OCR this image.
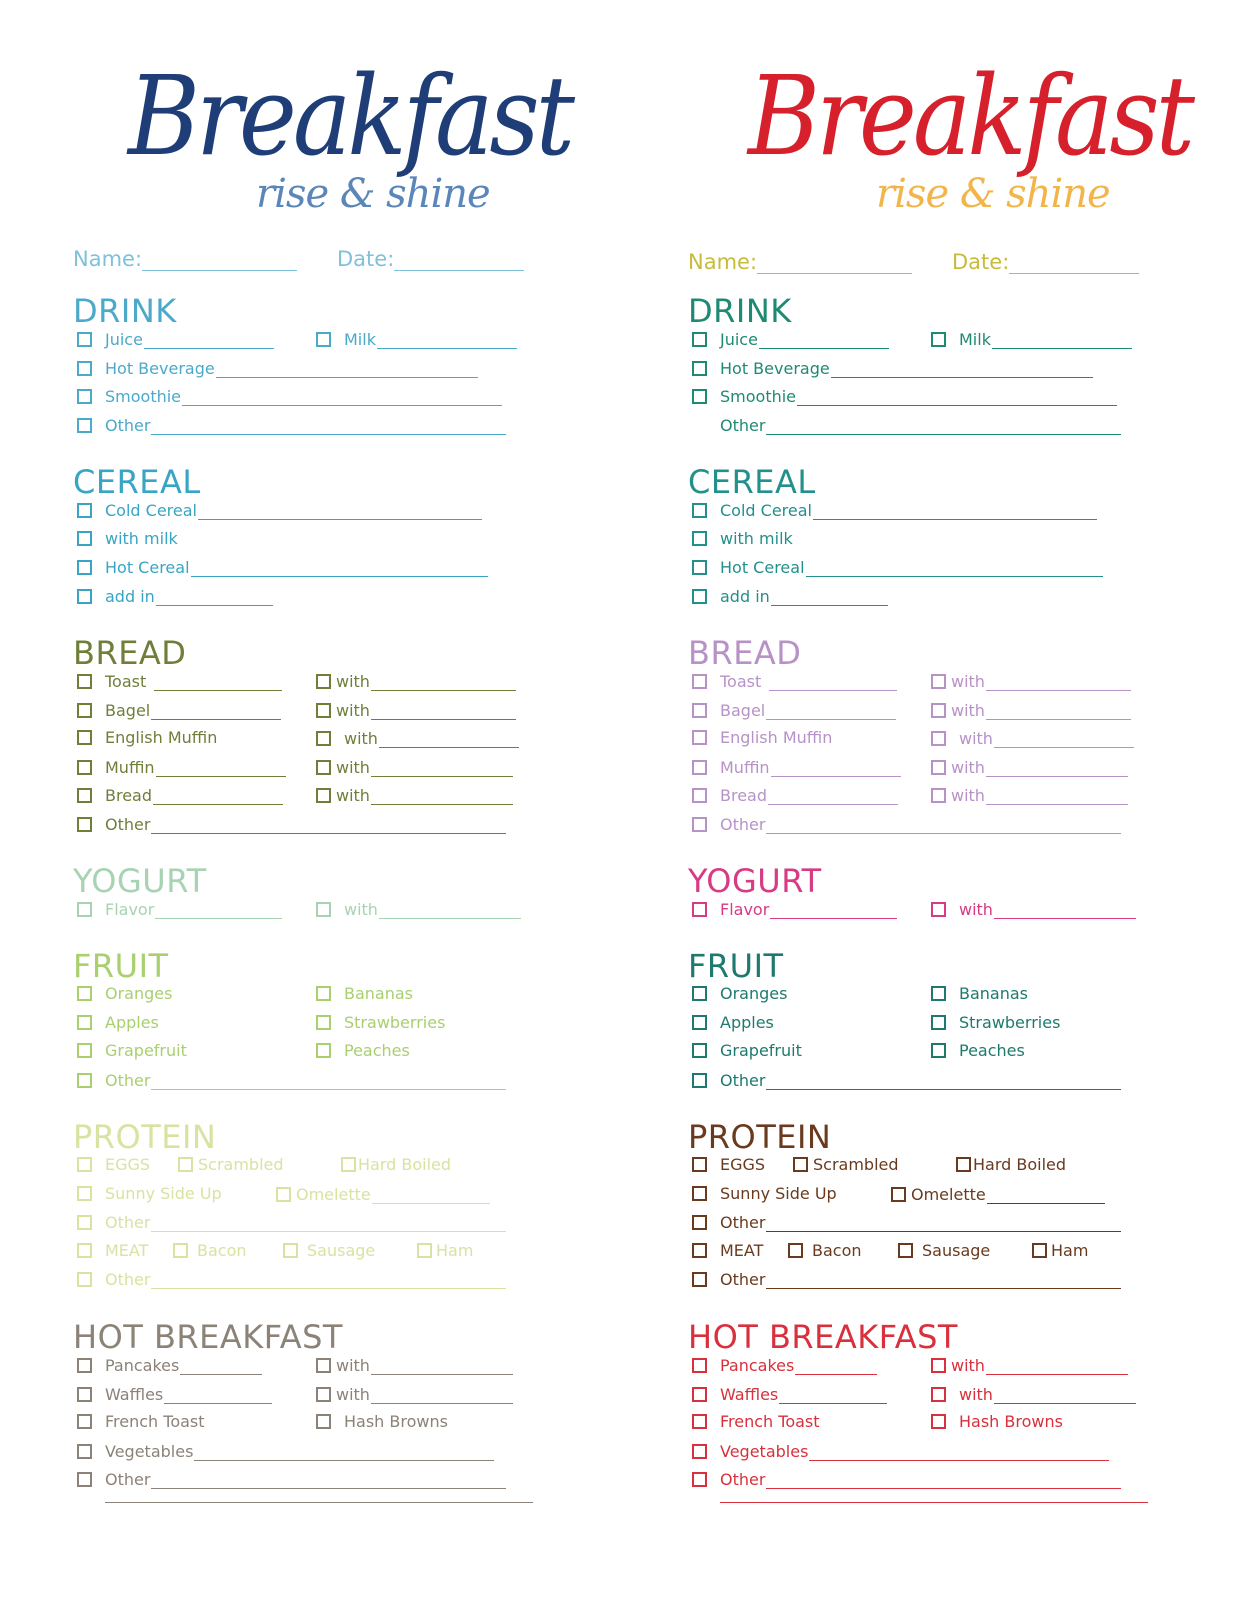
Breakfast
rise & shine
Name:	Date:
DRINK
Juice	Milk
Hot Beverage
Smoothie
Other
CEREAL
Cold Cereal
with milk
Hot Cereal
add in
BREAD
Toast	with
Bagel	with
English Muffin	with
Muffin	with
Bread	with
Other
YOGURT
Flavor	with
FRUIT
Oranges	Bananas
Apples	Strawberries
Grapefruit	Peaches
Other
PROTEIN
EGGS	Scrambled	Hard Boiled
Sunny Side Up	Omelette
Other
MEAT	Bacon	Sausage	Ham
Other
HOT BREAKFAST
Pancakes	with
Waffles	with
French Toast	Hash Browns
Vegetables
Other
Breakfast
rise & shine
Name:	Date:
DRINK
Juice	Milk
Hot Beverage
Smoothie
Other
CEREAL
Cold Cereal
with milk
Hot Cereal
add in
BREAD
Toast	with
Bagel	with
English Muffin	with
Muffin	with
Bread	with
Other
YOGURT
Flavor	with
FRUIT
Oranges	Bananas
Apples	Strawberries
Grapefruit	Peaches
Other
PROTEIN
EGGS	Scrambled	Hard Boiled
Sunny Side Up	Omelette
Other
MEAT	Bacon	Sausage	Ham
Other
HOT BREAKFAST
Pancakes	with
Waffles	with
French Toast	Hash Browns
Vegetables
Other
